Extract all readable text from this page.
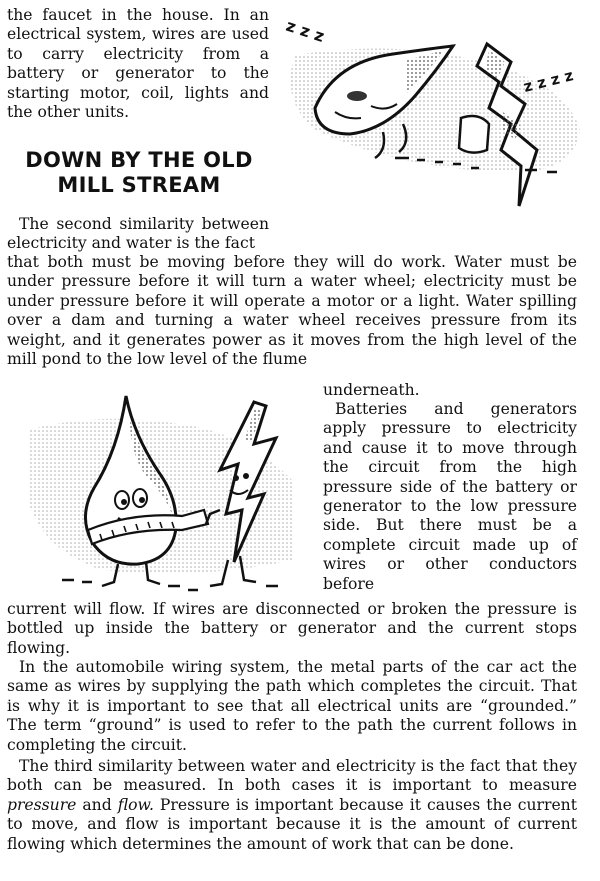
z z z
z z z z

the faucet in the house. In an electrical system, wires are used to carry electricity from a battery or generator to the starting motor, coil, lights and the other units.

DOWN BY THE OLD
MILL STREAM

The second similarity between electricity and water is the fact

that both must be moving before they will do work. Water must be under pressure before it will turn a water wheel; electricity must be under pressure before it will operate a motor or a light. Water spilling over a dam and turning a water wheel receives pressure from its weight, and it generates power as it moves from the high level of the mill pond to the low level of the flume

underneath.

Batteries and generators apply pressure to electricity and cause it to move through the circuit from the high pressure side of the battery or generator to the low pressure side. But there must be a complete circuit made up of wires or other conductors before

current will flow. If wires are disconnected or broken the pressure is bottled up inside the battery or generator and the current stops flowing.

In the automobile wiring system, the metal parts of the car act the same as wires by supplying the path which completes the circuit. That is why it is important to see that all electrical units are “grounded.” The term “ground” is used to refer to the path the current follows in completing the circuit.

The third similarity between water and electricity is the fact that they both can be measured. In both cases it is important to measure pressure and flow. Pressure is important because it causes the current to move, and flow is important because it is the amount of current flowing which determines the amount of work that can be done.
